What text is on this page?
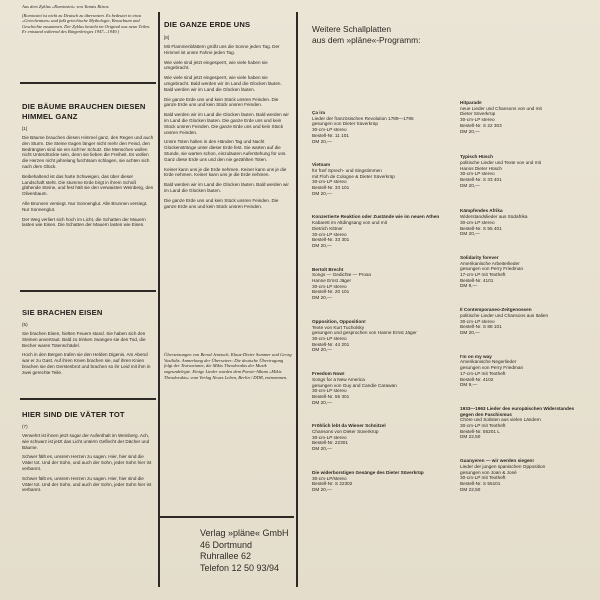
Aus dem Zyklus »Romiosini« von Yannis Ritsos
(Romiosini ist nicht zu Deutsch zu übersetzen. Es bedeutet in etwa »Griechentum« und faßt griechische Mythologie, Brauchtum und Geschichte zusammen. Der Zyklus besteht im Original aus neun Teilen. Er entstand während des Bürgerkrieges 1947—1949.)
DIE BÄUME BRAUCHEN DIESEN HIMMEL GANZ
[1]
Die Bäume brauchen diesen Himmel ganz, den Regen und auch den Sturm. Die Steine tragen länger nicht mehr den Feind, den Bedrängten sind sie ein sich'rer Schutz. Die Menschen wollen nicht Unterdrückte sein, denn sie lieben die Freiheit. Es wollen die Herzen nicht jahrelang furchtsam schlagen, sie achten sich nach dem Glück.
Beibehaltend ist das harte Schweigen, das über dieser Landschaft steht. Die stumme Erde birgt in ihrem Schoß glühende Steine, und fest hält sie den verwaisten Weinberg, den Olivenbaum.
Alle Brunnen versiegt. Nur Sonnenglut. Alle Brunnen versiegt. Nur Sonnenglut.
Der Weg verliert sich hoch im Licht, die Schatten der Mauern lasten wie Eisen. Die Schatten der Mauern lasten wie Eisen.
SIE BRACHEN EISEN
(5)
Sie brachen Eisen, hielten Feuern stand. Sie haben sich den Steinen anvertraut. Bald zu trinken zwangen sie den Tod, die Becher waren Totenschädel.
Hoch in den Bergen trafen sie den Helden Digenis. Am Abend war er zu Gast. Auf ihren Knien brachen sie, auf ihren Knien brachen sie den Gerstenbrot und brachen so ihr Leid mit ihm in zwei gerechte Teile.
HIER SIND DIE VÄTER TOT
(7)
Verwehrt ist ihnen jetzt sogar der Aufenthalt im Weinberg. Ach, wie schwarz ist jetzt das Licht unterm Geflecht der Dächer und Bäume.
Schwer fällt es, unsrem Herzen zu sagen. Hier, hier sind die Väter tot. Und der Sohn, und auch der Sohn, jeder Sohn hier ist verbannt.
Schwer fällt es, unsrem Herzen zu sagen. Hier, hier sind die Väter tot. Und der Sohn, und auch der Sohn, jeder Sohn hier ist verbannt.
DIE GANZE ERDE UNS
[8]
Mit Flammenblättern grüßt uns die Sonne jeden Tag. Der Himmel ist unsre Fahne jeden Tag.
Wie viele sind jetzt eingesperrt, wie viele haben sie umgebracht.
Wie viele sind jetzt eingesperrt, wie viele haben sie umgebracht. Bald werden wir im Land die Glocken läuten. Bald werden wir im Land die Glocken läuten.
Die ganze Erde uns und kein Stück unsren Feinden. Die ganze Erde uns und kein Stück unsren Feinden.
Bald werden wir im Land die Glocken läuten. Bald werden wir im Land die Glocken läuten. Die ganze Erde uns und kein Stück unsren Feinden. Die ganze Erde uns und kein Stück unsren Feinden.
Unsre Toten halten in den Händen Tag und Nacht Glockenstränge unter dieser Erde fest. Sie warten auf die Stunde, sie warten schon, einzuläuten Auferstehung für uns. Ganz diese Erde uns und den nie gezählten Toten.
Keiner kann uns je die Erde nehmen. Keiner kann uns je die Erde nehmen. Keiner kann uns je die Erde nehmen.
Bald werden wir im Land die Glocken läuten. Bald werden wir im Land die Glocken läuten.
Die ganze Erde uns und kein Stück unsren Feinden. Die ganze Erde uns und kein Stück unsren Feinden.
Übersetzungen von Bernd Jentzsch, Klaus-Dieter Sommer und Georg Vasilidis. Anmerkung der Übersetzer: Die deutsche Übertragung folgt der Textvariante, die Mikis Theodorakis der Musik zugrundelegte. Einige Lieder wurden dem Poesie-Album »Mikis Theodorakis« vom Verlag Neues Leben, Berlin / DDR, entnommen.
Verlag »pläne« GmbH
46 Dortmund
Ruhrallee 62
Telefon 12 50 93/94
Weitere Schallplatten
aus dem »pläne«-Programm:
Ça ira
Lieder der französischen Revolution 1789—1795
gesungen von Dieter Süverkrüp
30-cm-LP stereo
Bestell-Nr. 11 101
DM 20,—
Vietnam
für fünf Sprech- und Singstimmen
mit Floh de Cologne & Dieter Süverkrüp
30-cm-LP stereo
Bestell-Nr. 33 101
DM 20,—
Konzertierte Reaktion oder Zustände wie im neuen Athen
Kabarett im Altdingsang von und mit
Dietrich Kittner
30-cm-LP stereo
Bestell-Nr. 33 301
DM 20,—
Bertolt Brecht
Songs — Gedichte — Prosa
Hanne Ernst Jäger
30-cm-LP stereo
Bestell-Nr. 20 101
DM 20,—
Opposition, Opposition!
Texte von Kurt Tucholsky
gesungen und gesprochen von Hanne Ernst Jäger
30-cm-LP stereo
Bestell-Nr. 44 201
DM 20,—
Freedom Now!
Songs for a New America
gesungen von Guy and Candie Carawan
30-cm-LP stereo
Bestell-Nr. 55 301
DM 20,—
Fröhlich lebt da Wiener Schnitzel
Chansons von Dieter Süverkrüp
30-cm-LP stereo
Bestell-Nr. 22301
DM 20,—
Die widerborstigen Gesänge des Dieter Süverkrüp
30-cm-LP/stereo
Bestell-Nr. S 22302
DM 20,—
Hitparade
neue Lieder und Chansons von und mit
Dieter Süverkrüp
30-cm-LP stereo
Bestell-Nr. S 22 303
DM 20,—
Typisch Hüsch
politische Lieder und Texte von und mit
Hanns Dieter Hüsch
30-cm-LP stereo
Bestell-Nr. S 33 401
DM 20,—
Kämpfendes Afrika
Widerstandslieder aus Südafrika
30-cm-LP stereo
Bestell-Nr. S 55 401
DM 20,—
Solidarity forever
Amerikanische Arbeiterlieder
gesungen von Perry Friedman
17-cm-LP mit Textheft
Bestell-Nr. 4101
DM 9,—
Il Contemporaneo-Zeitgenossen
politische Lieder und Chansons aus Italien
30-cm-LP stereo
Bestell-Nr. S 88 101
DM 20,—
I'm on my way
Amerikanische Negerlieder
gesungen von Perry Friedman
17-cm-LP mit Textheft
Bestell-Nr. 4102
DM 9,—
1933—1963 Lieder des europäischen Widerstandes gegen den Faschismus
Chöre und Solisten aus vielen Ländern
30-cm-LP mit Textheft
Bestell-Nr. 55201 L
DM 22,50
Guanyeren — wir werden siegen!
Lieder der jungen spanischen Opposition
gesungen von Joan & José
30-cm-LP mit Textheft
Bestell-Nr. S 55101
DM 22,50
